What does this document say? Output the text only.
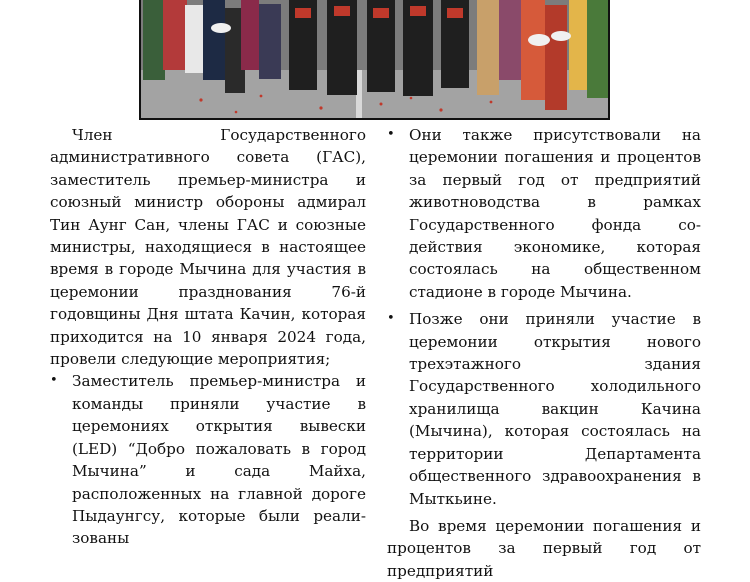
Член Государственного административного совета (ГАС), заместитель премьер-министра и союзный министр обороны адмирал Тин Аунг Сан, члены ГАС и союзные министры, находящиеся в настоящее время в городе Мычина для участия в церемонии празднования 76-й годовщины Дня штата Качин, которая приходится на 10 января 2024 года, провели следующие мероприятия;

• Заместитель премьер-министра и команды приняли участие в церемониях открытия вывески (LED) “Добро пожаловать в город Мычина” и сада Майха, расположенных на главной дороге Пыдаунгсу, которые были реализованы
• Они также присутствовали на церемонии погашения и процентов за первый год от предприятий животноводства в рамках Государственного фонда содействия экономике, которая состоялась на общественном стадионе в городе Мычина.
• Позже они приняли участие в церемонии открытия нового трехэтажного здания Государственного холодильного хранилища вакцин Качина (Мычина), которая состоялась на территории Департамента общественного здравоохранения в Мыткьине.

Во время церемонии погашения и процентов за первый год от предприятий
